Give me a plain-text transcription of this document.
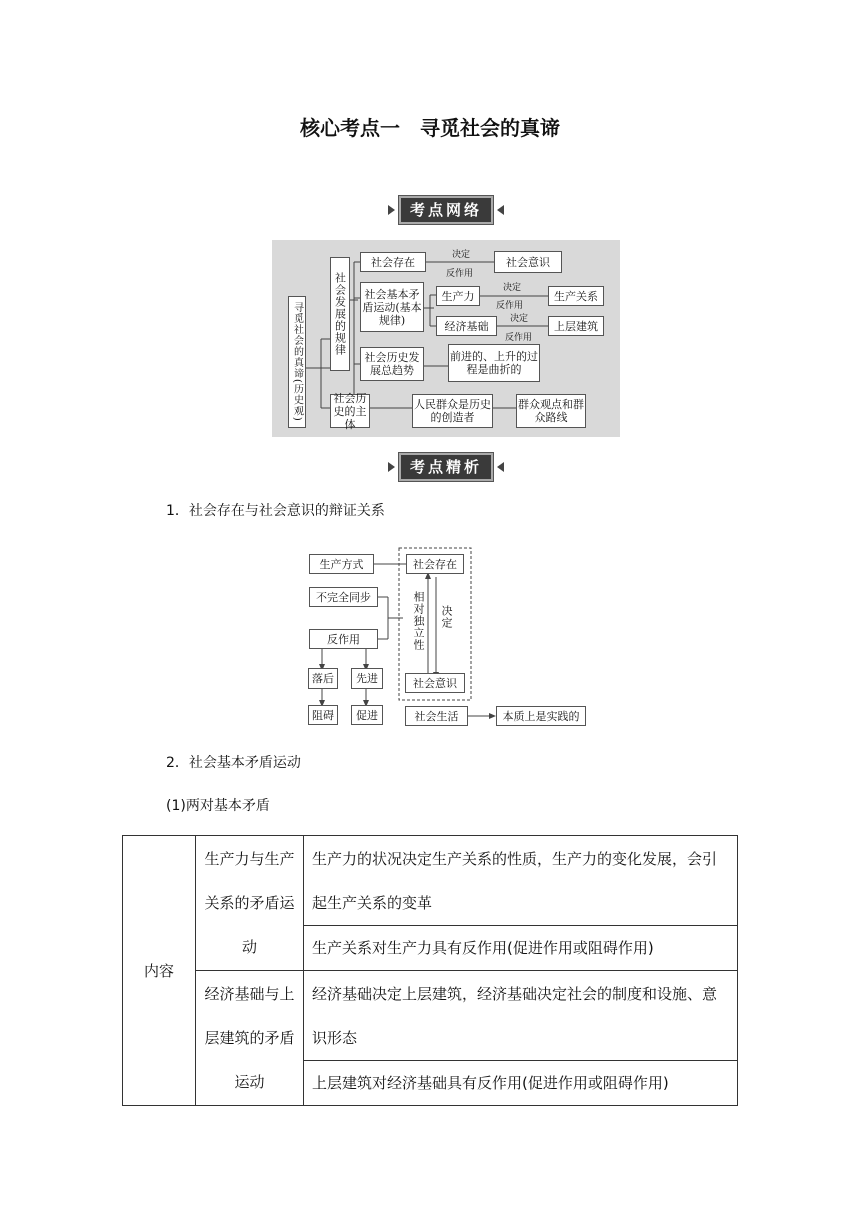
核心考点一　寻觅社会的真谛
考点网络
寻觅社会的真谛(历史观)	社会发展的规律
社会存在
决定
反作用
社会意识
社会基本矛盾运动(基本规律)
生产力
决定
反作用
生产关系
经济基础
决定
反作用
上层建筑
社会历史发展总趋势
前进的、上升的过程是曲折的
社会历史的主体
人民群众是历史的创造者
群众观点和群众路线
考点精析
1．社会存在与社会意识的辩证关系
生产方式	社会存在
不完全同步	相对独立性 决定
反作用
落后	先进
阻碍	促进
社会意识
社会生活	本质上是实践的
2．社会基本矛盾运动
(1)两对基本矛盾
内容	生产力与生产关系的矛盾运动	生产力的状况决定生产关系的性质，生产力的变化发展，会引起生产关系的变革
		生产关系对生产力具有反作用(促进作用或阻碍作用)
	经济基础与上层建筑的矛盾运动	经济基础决定上层建筑，经济基础决定社会的制度和设施、意识形态
		上层建筑对经济基础具有反作用(促进作用或阻碍作用)
